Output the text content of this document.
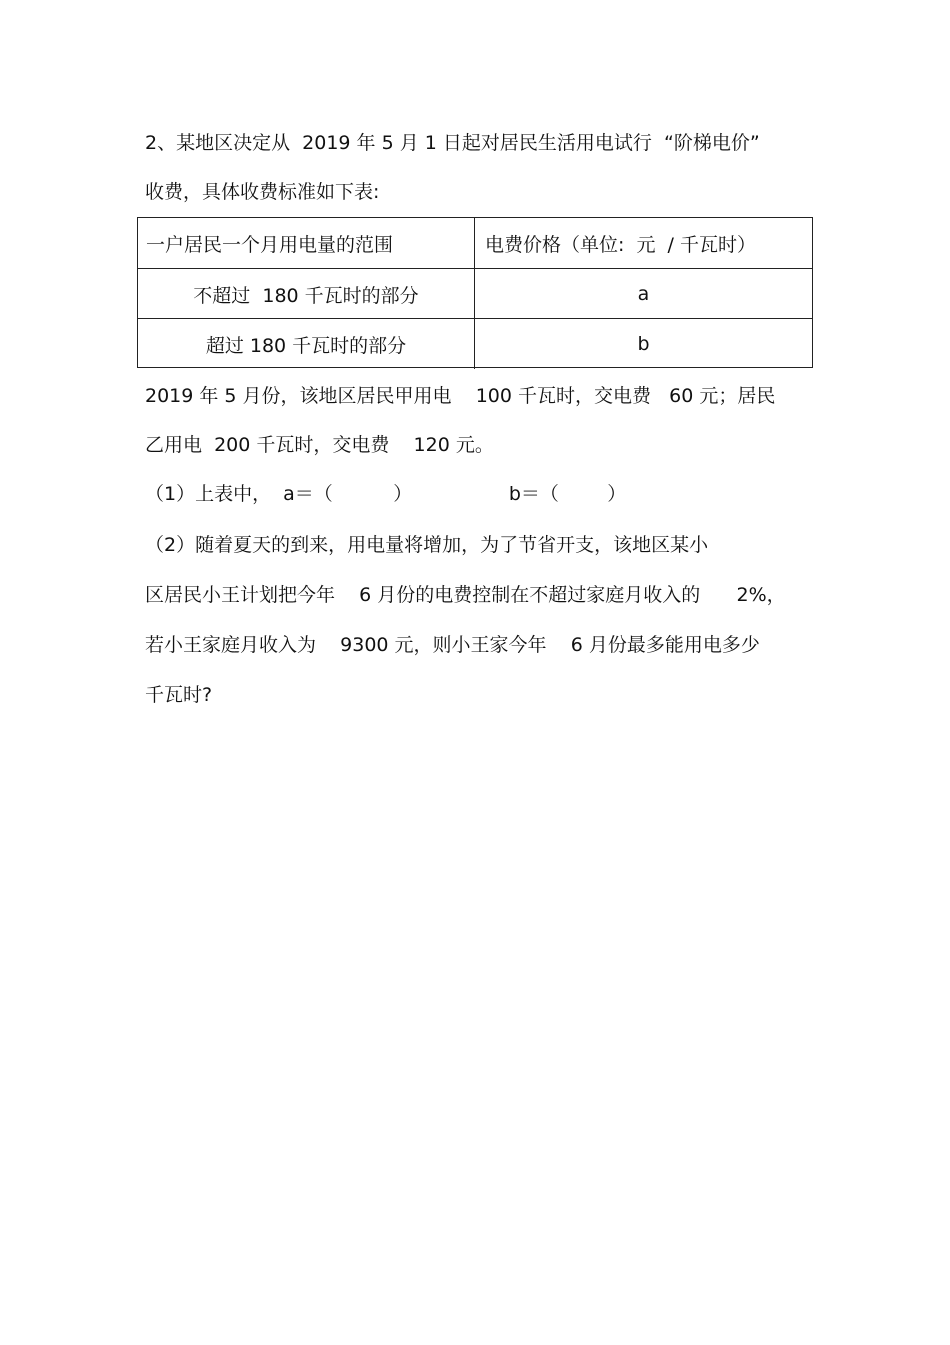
2、某地区决定从  2019 年 5 月 1 日起对居民生活用电试行  “阶梯电价”

收费，具体收费标准如下表:

一户居民一个月用电量的范围	电费价格（单位:  元  / 千瓦时）
不超过  180 千瓦时的部分	a
超过 180 千瓦时的部分	b

2019 年 5 月份，该地区居民甲用电    100 千瓦时，交电费   60 元；居民

乙用电  200 千瓦时，交电费    120 元。

（1）上表中，  a＝（          ）                b＝（        ）

（2）随着夏天的到来，用电量将增加，为了节省开支，该地区某小

区居民小王计划把今年    6 月份的电费控制在不超过家庭月收入的      2%，

若小王家庭月收入为    9300 元，则小王家今年    6 月份最多能用电多少

千瓦时?
